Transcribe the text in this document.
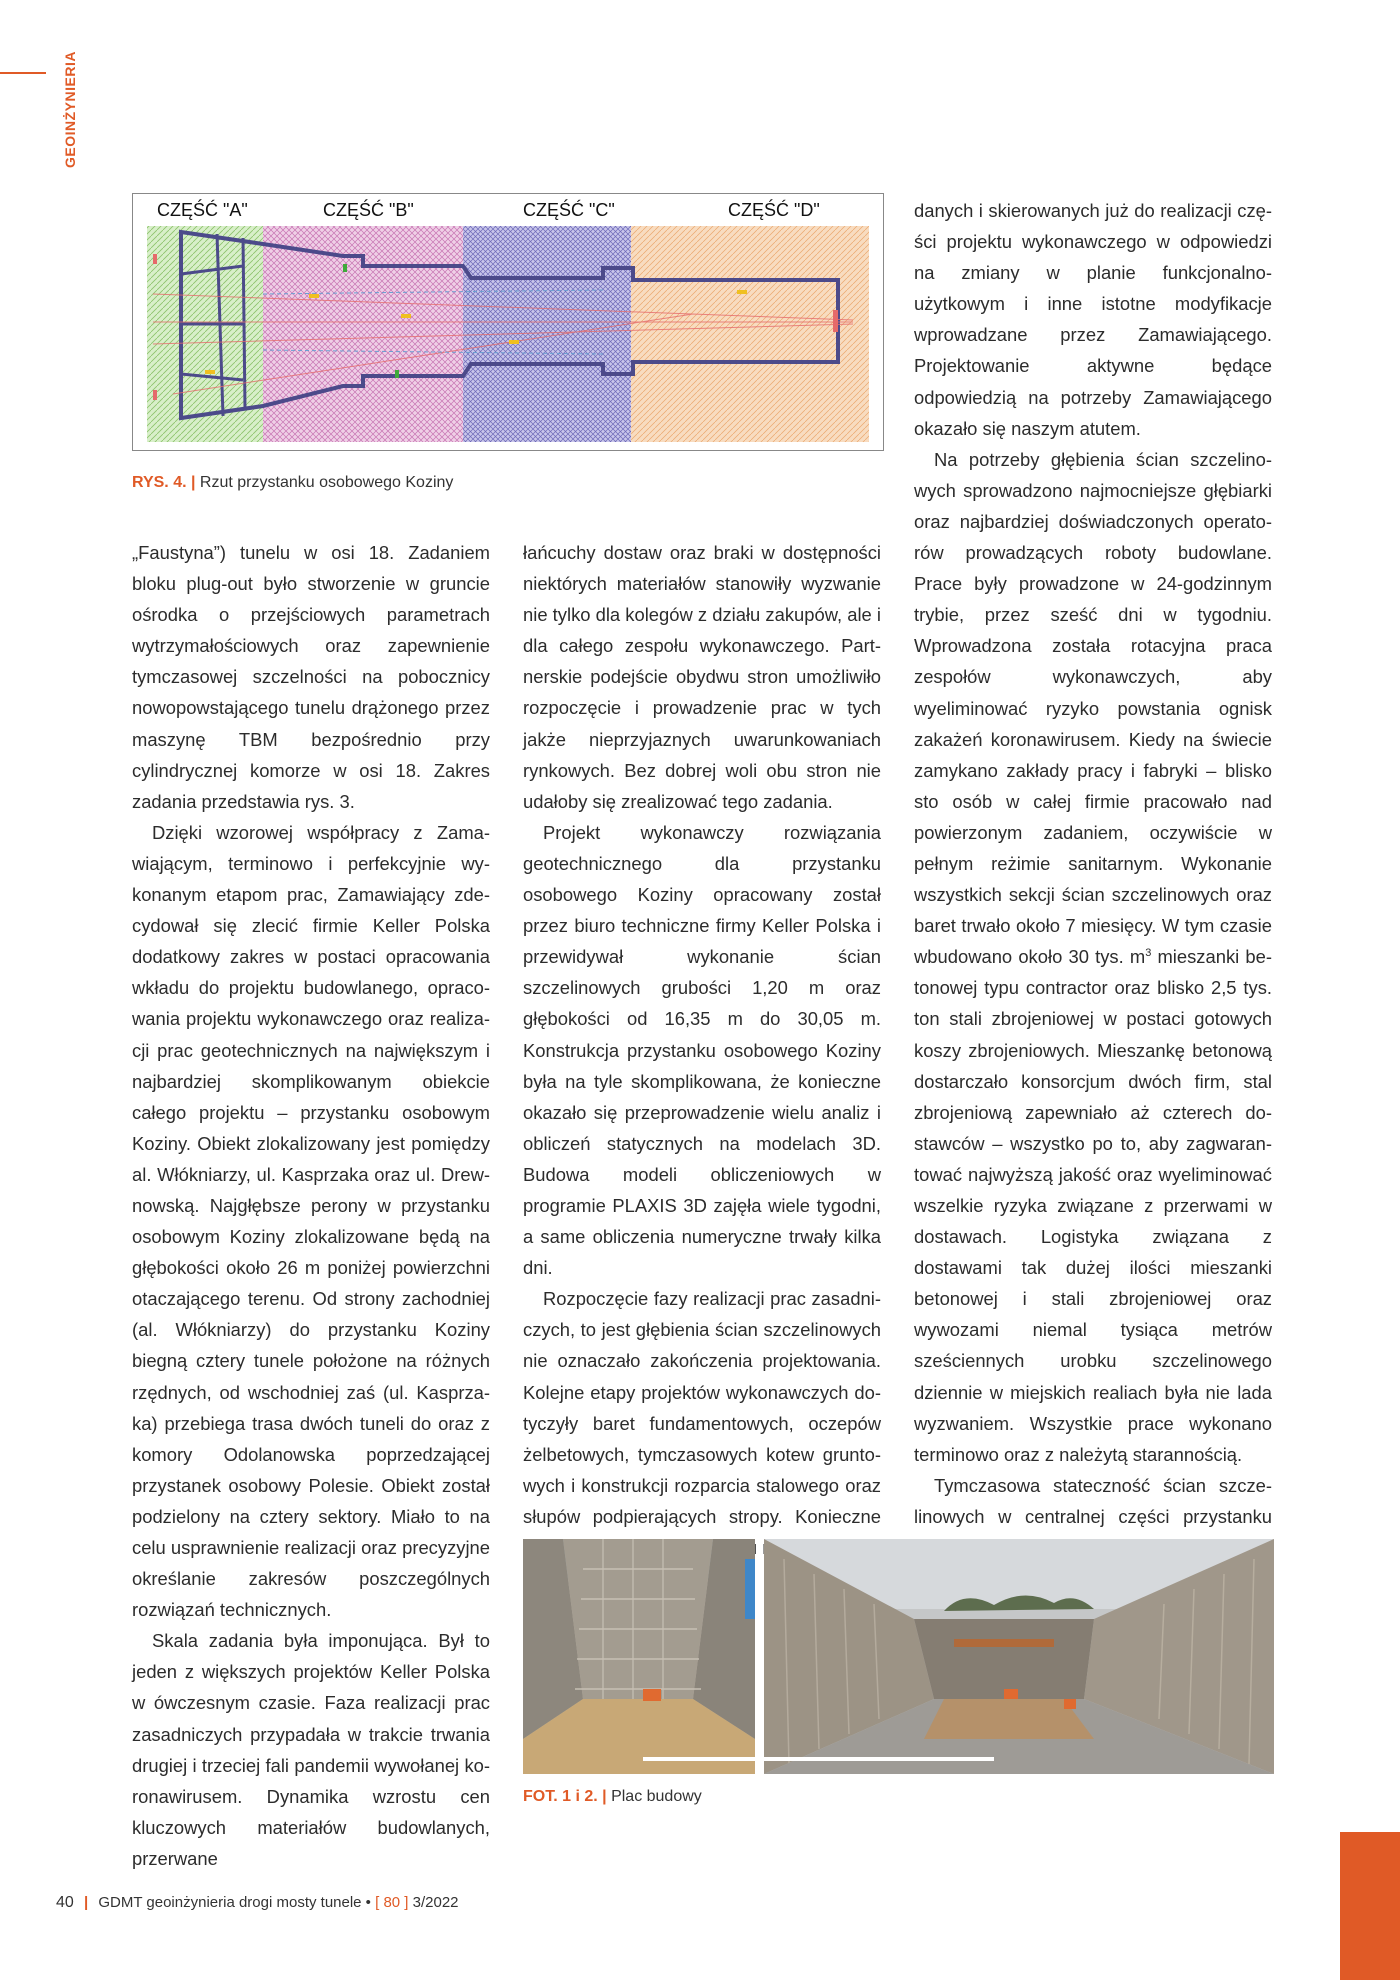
GEOINŻYNIERIA
CZĘŚĆ "A"	CZĘŚĆ "B"	CZĘŚĆ "C"	CZĘŚĆ "D"
RYS. 4. | Rzut przystanku osobowego Koziny

„Faustyna”) tunelu w osi 18. Zadaniem bloku plug-out było stworzenie w gruncie ośrodka o przejściowych parametrach wytrzymałościowych oraz zapewnienie tymczasowej szczelności na pobocznicy nowopowstającego tunelu drążonego przez maszynę TBM bezpośrednio przy cylindrycznej komorze w osi 18. Zakres zadania przedstawia rys. 3.

Dzięki wzorowej współpracy z Zamawiającym, terminowo i perfekcyjnie wykonanym etapom prac, Zamawiający zdecydował się zlecić firmie Keller Polska dodatkowy zakres w postaci opracowania wkładu do projektu budowlanego, opracowania projektu wykonawczego oraz realizacji prac geotechnicznych na największym i najbardziej skomplikowanym obiekcie całego projektu – przystanku osobowym Koziny. Obiekt zlokalizowany jest pomiędzy al. Włókniarzy, ul. Kasprzaka oraz ul. Drewnowską. Najgłębsze perony w przystanku osobowym Koziny zlokalizowane będą na głębokości około 26 m poniżej powierzchni otaczającego terenu. Od strony zachodniej (al. Włókniarzy) do przystanku Koziny biegną cztery tunele położone na różnych rzędnych, od wschodniej zaś (ul. Kasprzaka) przebiega trasa dwóch tuneli do oraz z komory Odolanowska poprzedzającej przystanek osobowy Polesie. Obiekt został podzielony na cztery sektory. Miało to na celu usprawnienie realizacji oraz precyzyjne określanie zakresów poszczególnych rozwiązań technicznych.

Skala zadania była imponująca. Był to jeden z większych projektów Keller Polska w ówczesnym czasie. Faza realizacji prac zasadniczych przypadała w trakcie trwania drugiej i trzeciej fali pandemii wywołanej koronawirusem. Dynamika wzrostu cen kluczowych materiałów budowlanych, przerwane

łańcuchy dostaw oraz braki w dostępności niektórych materiałów stanowiły wyzwanie nie tylko dla kolegów z działu zakupów, ale i dla całego zespołu wykonawczego. Partnerskie podejście obydwu stron umożliwiło rozpoczęcie i prowadzenie prac w tych jakże nieprzyjaznych uwarunkowaniach rynkowych. Bez dobrej woli obu stron nie udałoby się zrealizować tego zadania.

Projekt wykonawczy rozwiązania geotechnicznego dla przystanku osobowego Koziny opracowany został przez biuro techniczne firmy Keller Polska i przewidywał wykonanie ścian szczelinowych grubości 1,20 m oraz głębokości od 16,35 m do 30,05 m. Konstrukcja przystanku osobowego Koziny była na tyle skomplikowana, że konieczne okazało się przeprowadzenie wielu analiz i obliczeń statycznych na modelach 3D. Budowa modeli obliczeniowych w programie PLAXIS 3D zajęła wiele tygodni, a same obliczenia numeryczne trwały kilka dni.

Rozpoczęcie fazy realizacji prac zasadniczych, to jest głębienia ścian szczelinowych nie oznaczało zakończenia projektowania. Kolejne etapy projektów wykonawczych dotyczyły baret fundamentowych, oczepów żelbetowych, tymczasowych kotew gruntowych i konstrukcji rozparcia stalowego oraz słupów podpierających stropy. Konieczne

danych i skierowanych już do realizacji części projektu wykonawczego w odpowiedzi na zmiany w planie funkcjonalno-użytkowym i inne istotne modyfikacje wprowadzane przez Zamawiającego. Projektowanie aktywne będące odpowiedzią na potrzeby Zamawiającego okazało się naszym atutem.

Na potrzeby głębienia ścian szczelinowych sprowadzono najmocniejsze głębiarki oraz najbardziej doświadczonych operatorów prowadzących roboty budowlane. Prace były prowadzone w 24-godzinnym trybie, przez sześć dni w tygodniu. Wprowadzona została rotacyjna praca zespołów wykonawczych, aby wyeliminować ryzyko powstania ognisk zakażeń koronawirusem. Kiedy na świecie zamykano zakłady pracy i fabryki – blisko sto osób w całej firmie pracowało nad powierzonym zadaniem, oczywiście w pełnym reżimie sanitarnym. Wykonanie wszystkich sekcji ścian szczelinowych oraz baret trwało około 7 miesięcy. W tym czasie wbudowano około 30 tys. $m^3$ mieszanki betonowej typu contractor oraz blisko 2,5 tys. ton stali zbrojeniowej w postaci gotowych koszy zbrojeniowych. Mieszankę betonową dostarczało konsorcjum dwóch firm, stal zbrojeniową zapewniało aż czterech dostawców – wszystko po to, aby zagwarantować najwyższą jakość oraz wyeliminować wszelkie ryzyka związane z przerwami w dostawach. Logistyka związana z dostawami tak dużej ilości mieszanki betonowej i stali zbrojeniowej oraz wywozami niemal tysiąca metrów sześciennych urobku szczelinowego dziennie w miejskich realiach była nie lada wyzwaniem. Wszystkie prace wykonano terminowo oraz z należytą starannością.

Tymczasowa stateczność ścian szczelinowych w centralnej części przystanku

FOT. 1 i 2. | Plac budowy
40 | GDMT geoinżynieria drogi mosty tunele • [ 80 ] 3/2022
